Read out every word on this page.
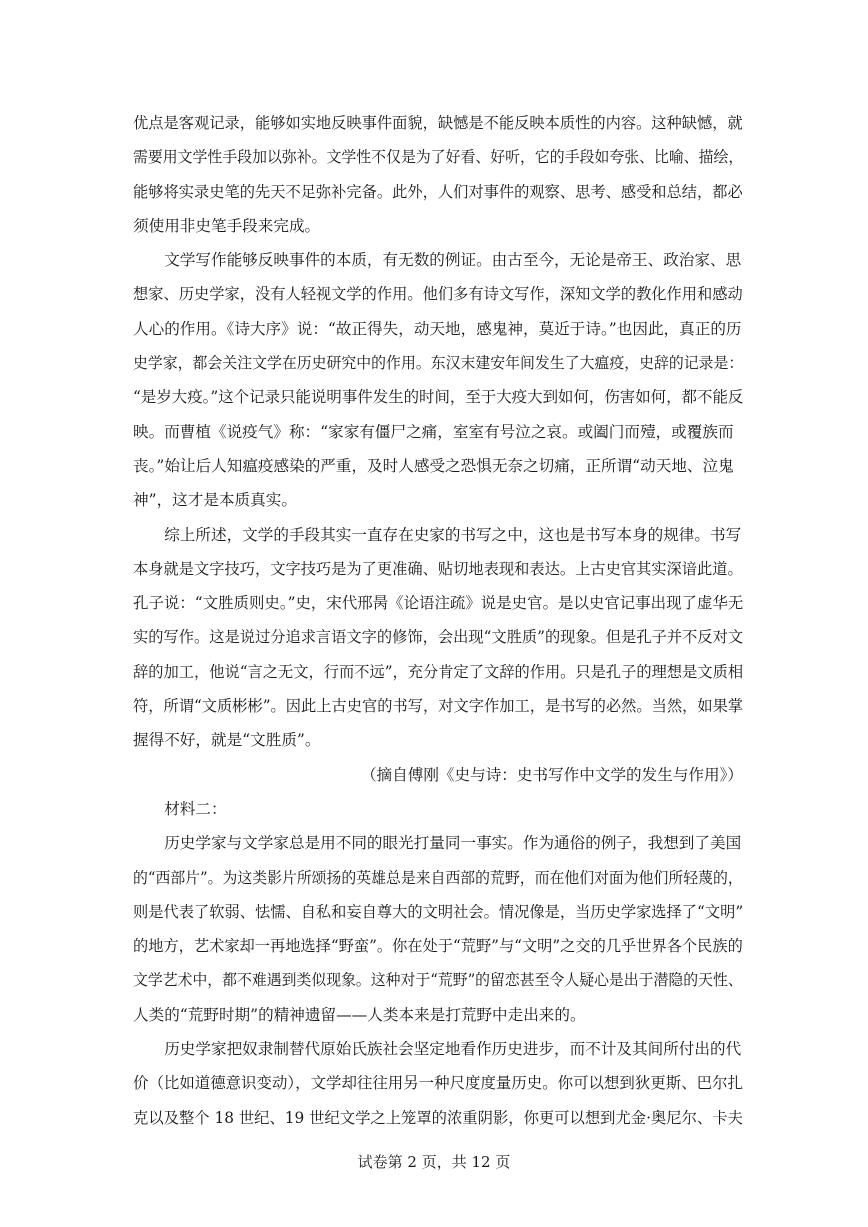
优点是客观记录，能够如实地反映事件面貌，缺憾是不能反映本质性的内容。这种缺憾，就
需要用文学性手段加以弥补。文学性不仅是为了好看、好听，它的手段如夸张、比喻、描绘，
能够将实录史笔的先天不足弥补完备。此外，人们对事件的观察、思考、感受和总结，都必
须使用非史笔手段来完成。

文学写作能够反映事件的本质，有无数的例证。由古至今，无论是帝王、政治家、思
想家、历史学家，没有人轻视文学的作用。他们多有诗文写作，深知文学的教化作用和感动
人心的作用。《诗大序》说：“故正得失，动天地，感鬼神，莫近于诗。”也因此，真正的历
史学家，都会关注文学在历史研究中的作用。东汉末建安年间发生了大瘟疫，史辞的记录是：
“是岁大疫。”这个记录只能说明事件发生的时间，至于大疫大到如何，伤害如何，都不能反
映。而曹植《说疫气》称：“家家有僵尸之痛，室室有号泣之哀。或阖门而殪，或覆族而
丧。”始让后人知瘟疫感染的严重，及时人感受之恐惧无奈之切痛，正所谓“动天地、泣鬼
神”，这才是本质真实。

综上所述，文学的手段其实一直存在史家的书写之中，这也是书写本身的规律。书写
本身就是文字技巧，文字技巧是为了更准确、贴切地表现和表达。上古史官其实深谙此道。
孔子说：“文胜质则史。”史，宋代邢昺《论语注疏》说是史官。是以史官记事出现了虚华无
实的写作。这是说过分追求言语文字的修饰，会出现“文胜质”的现象。但是孔子并不反对文
辞的加工，他说“言之无文，行而不远”，充分肯定了文辞的作用。只是孔子的理想是文质相
符，所谓“文质彬彬”。因此上古史官的书写，对文字作加工，是书写的必然。当然，如果掌
握得不好，就是“文胜质”。

（摘自傅刚《史与诗：史书写作中文学的发生与作用》）

材料二：

历史学家与文学家总是用不同的眼光打量同一事实。作为通俗的例子，我想到了美国
的“西部片”。为这类影片所颂扬的英雄总是来自西部的荒野，而在他们对面为他们所轻蔑的，
则是代表了软弱、怯懦、自私和妄自尊大的文明社会。情况像是，当历史学家选择了“文明”
的地方，艺术家却一再地选择“野蛮”。你在处于“荒野”与“文明”之交的几乎世界各个民族的
文学艺术中，都不难遇到类似现象。这种对于“荒野”的留恋甚至令人疑心是出于潜隐的天性、
人类的“荒野时期”的精神遗留——人类本来是打荒野中走出来的。

历史学家把奴隶制替代原始氏族社会坚定地看作历史进步，而不计及其间所付出的代
价（比如道德意识变动），文学却往往用另一种尺度度量历史。你可以想到狄更斯、巴尔扎
克以及整个 18 世纪、19 世纪文学之上笼罩的浓重阴影，你更可以想到尤金·奥尼尔、卡夫

试卷第 2 页，共 12 页
